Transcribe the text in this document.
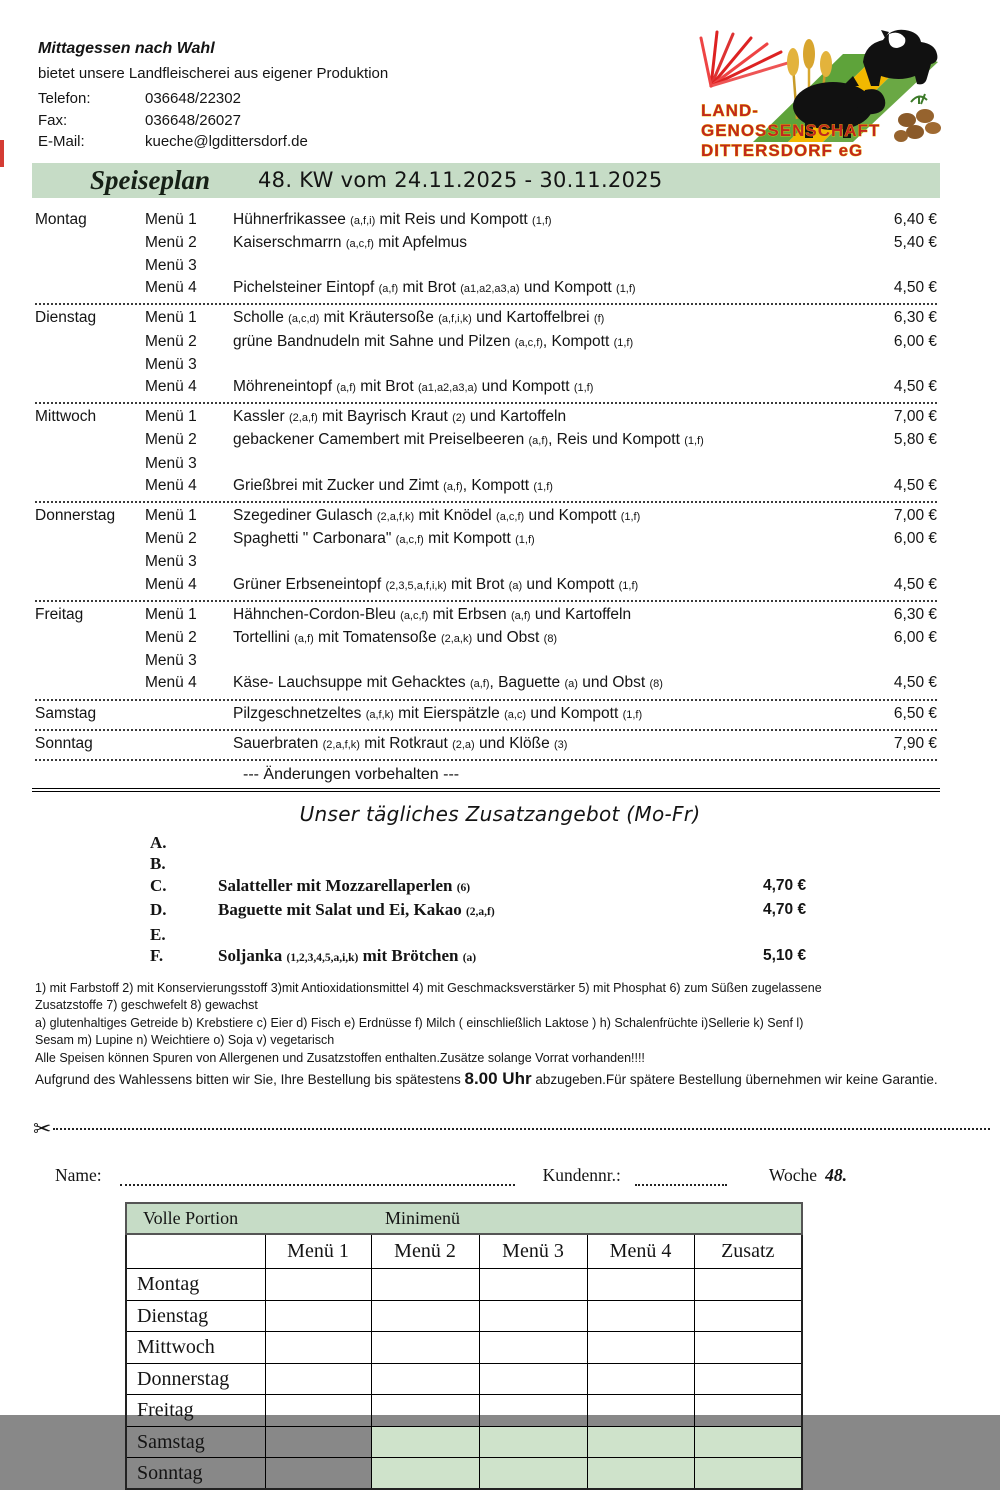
Mittagessen nach Wahl
bietet unsere Landfleischerei aus eigener Produktion
Telefon:	036648/22302
Fax:	036648/26027
E-Mail:	kueche@lgdittersdorf.de
LAND-
GENOSSENSCHAFT
DITTERSDORF eG
Speiseplan 48. KW vom 24.11.2025 - 30.11.2025
Montag	Menü 1	Hühnerfrikassee (a,f,i) mit Reis und Kompott (1,f)	6,40 €
Menü 2	Kaiserschmarrn (a,c,f) mit Apfelmus	5,40 €
Menü 3
Menü 4	Pichelsteiner Eintopf (a,f) mit Brot (a1,a2,a3,a) und Kompott (1,f)	4,50 €
Dienstag	Menü 1	Scholle (a,c,d) mit Kräutersoße (a,f,i,k) und Kartoffelbrei (f)	6,30 €
Menü 2	grüne Bandnudeln mit Sahne und Pilzen (a,c,f), Kompott (1,f)	6,00 €
Menü 3
Menü 4	Möhreneintopf (a,f) mit Brot (a1,a2,a3,a) und Kompott (1,f)	4,50 €
Mittwoch	Menü 1	Kassler (2,a,f) mit Bayrisch Kraut (2) und Kartoffeln	7,00 €
Menü 2	gebackener Camembert mit Preiselbeeren (a,f), Reis und Kompott (1,f)	5,80 €
Menü 3
Menü 4	Grießbrei mit Zucker und Zimt (a,f), Kompott (1,f)	4,50 €
Donnerstag	Menü 1	Szegediner Gulasch (2,a,f,k) mit Knödel (a,c,f) und Kompott (1,f)	7,00 €
Menü 2	Spaghetti " Carbonara" (a,c,f) mit Kompott (1,f)	6,00 €
Menü 3
Menü 4	Grüner Erbseneintopf (2,3,5,a,f,i,k) mit Brot (a) und Kompott (1,f)	4,50 €
Freitag	Menü 1	Hähnchen-Cordon-Bleu (a,c,f) mit Erbsen (a,f) und Kartoffeln	6,30 €
Menü 2	Tortellini (a,f) mit Tomatensoße (2,a,k) und Obst (8)	6,00 €
Menü 3
Menü 4	Käse- Lauchsuppe mit Gehacktes (a,f), Baguette (a) und Obst (8)	4,50 €
Samstag	Pilzgeschnetzeltes (a,f,k) mit Eierspätzle (a,c) und Kompott (1,f)	6,50 €
Sonntag	Sauerbraten (2,a,f,k) mit Rotkraut (2,a) und Klöße (3)	7,90 €
--- Änderungen vorbehalten ---
Unser tägliches Zusatzangebot (Mo-Fr)
A.
B.
C.	Salatteller mit Mozzarellaperlen (6)	4,70 €
D.	Baguette mit Salat und Ei, Kakao (2,a,f)	4,70 €
E.
F.	Soljanka (1,2,3,4,5,a,i,k) mit Brötchen (a)	5,10 €
1) mit Farbstoff 2) mit Konservierungsstoff 3)mit Antioxidationsmittel 4) mit Geschmacksverstärker 5) mit Phosphat 6) zum Süßen zugelassene
Zusatzstoffe 7) geschwefelt 8) gewachst
a) glutenhaltiges Getreide b) Krebstiere c) Eier d) Fisch e) Erdnüsse f) Milch ( einschließlich Laktose ) h) Schalenfrüchte i)Sellerie k) Senf l)
Sesam m) Lupine n) Weichtiere o) Soja v) vegetarisch
Alle Speisen können Spuren von Allergenen und Zusatzstoffen enthalten.Zusätze solange Vorrat vorhanden!!!!
Aufgrund des Wahlessens bitten wir Sie, Ihre Bestellung bis spätestens 8.00 Uhr abzugeben.Für spätere Bestellung übernehmen wir keine Garantie.
✂
Name:	Kundennr.:	Woche 48.
Volle Portion Minimenü					

	Menü 1	Menü 2	Menü 3	Menü 4	Zusatz
Montag					
Dienstag					
Mittwoch					
Donnerstag					
Freitag					
Samstag					
Sonntag					
